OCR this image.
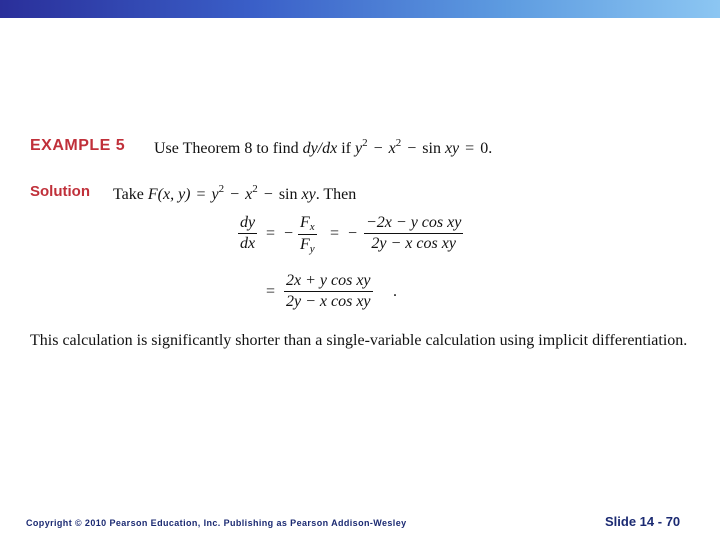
EXAMPLE 5 Use Theorem 8 to find dy/dx if $y^2 - x^2 - \sin$ xy = 0.
Solution Take F(x, $y) = y^2 - x^2 - \sin$ xy. Then
$\frac{dy}{dx}$ = − $\frac{F_x}{F_y}$ = − $\frac{\text{−2x − y cos xy}}{\text{2y − x cos xy}}$
= $\frac{\text{2x + y cos xy}}{\text{2y − x cos xy}}$ .
This calculation is significantly shorter than a single-variable calculation using implicit differentiation.
Copyright © 2010 Pearson Education, Inc. Publishing as Pearson Addison-Wesley	Slide 14 - 70
